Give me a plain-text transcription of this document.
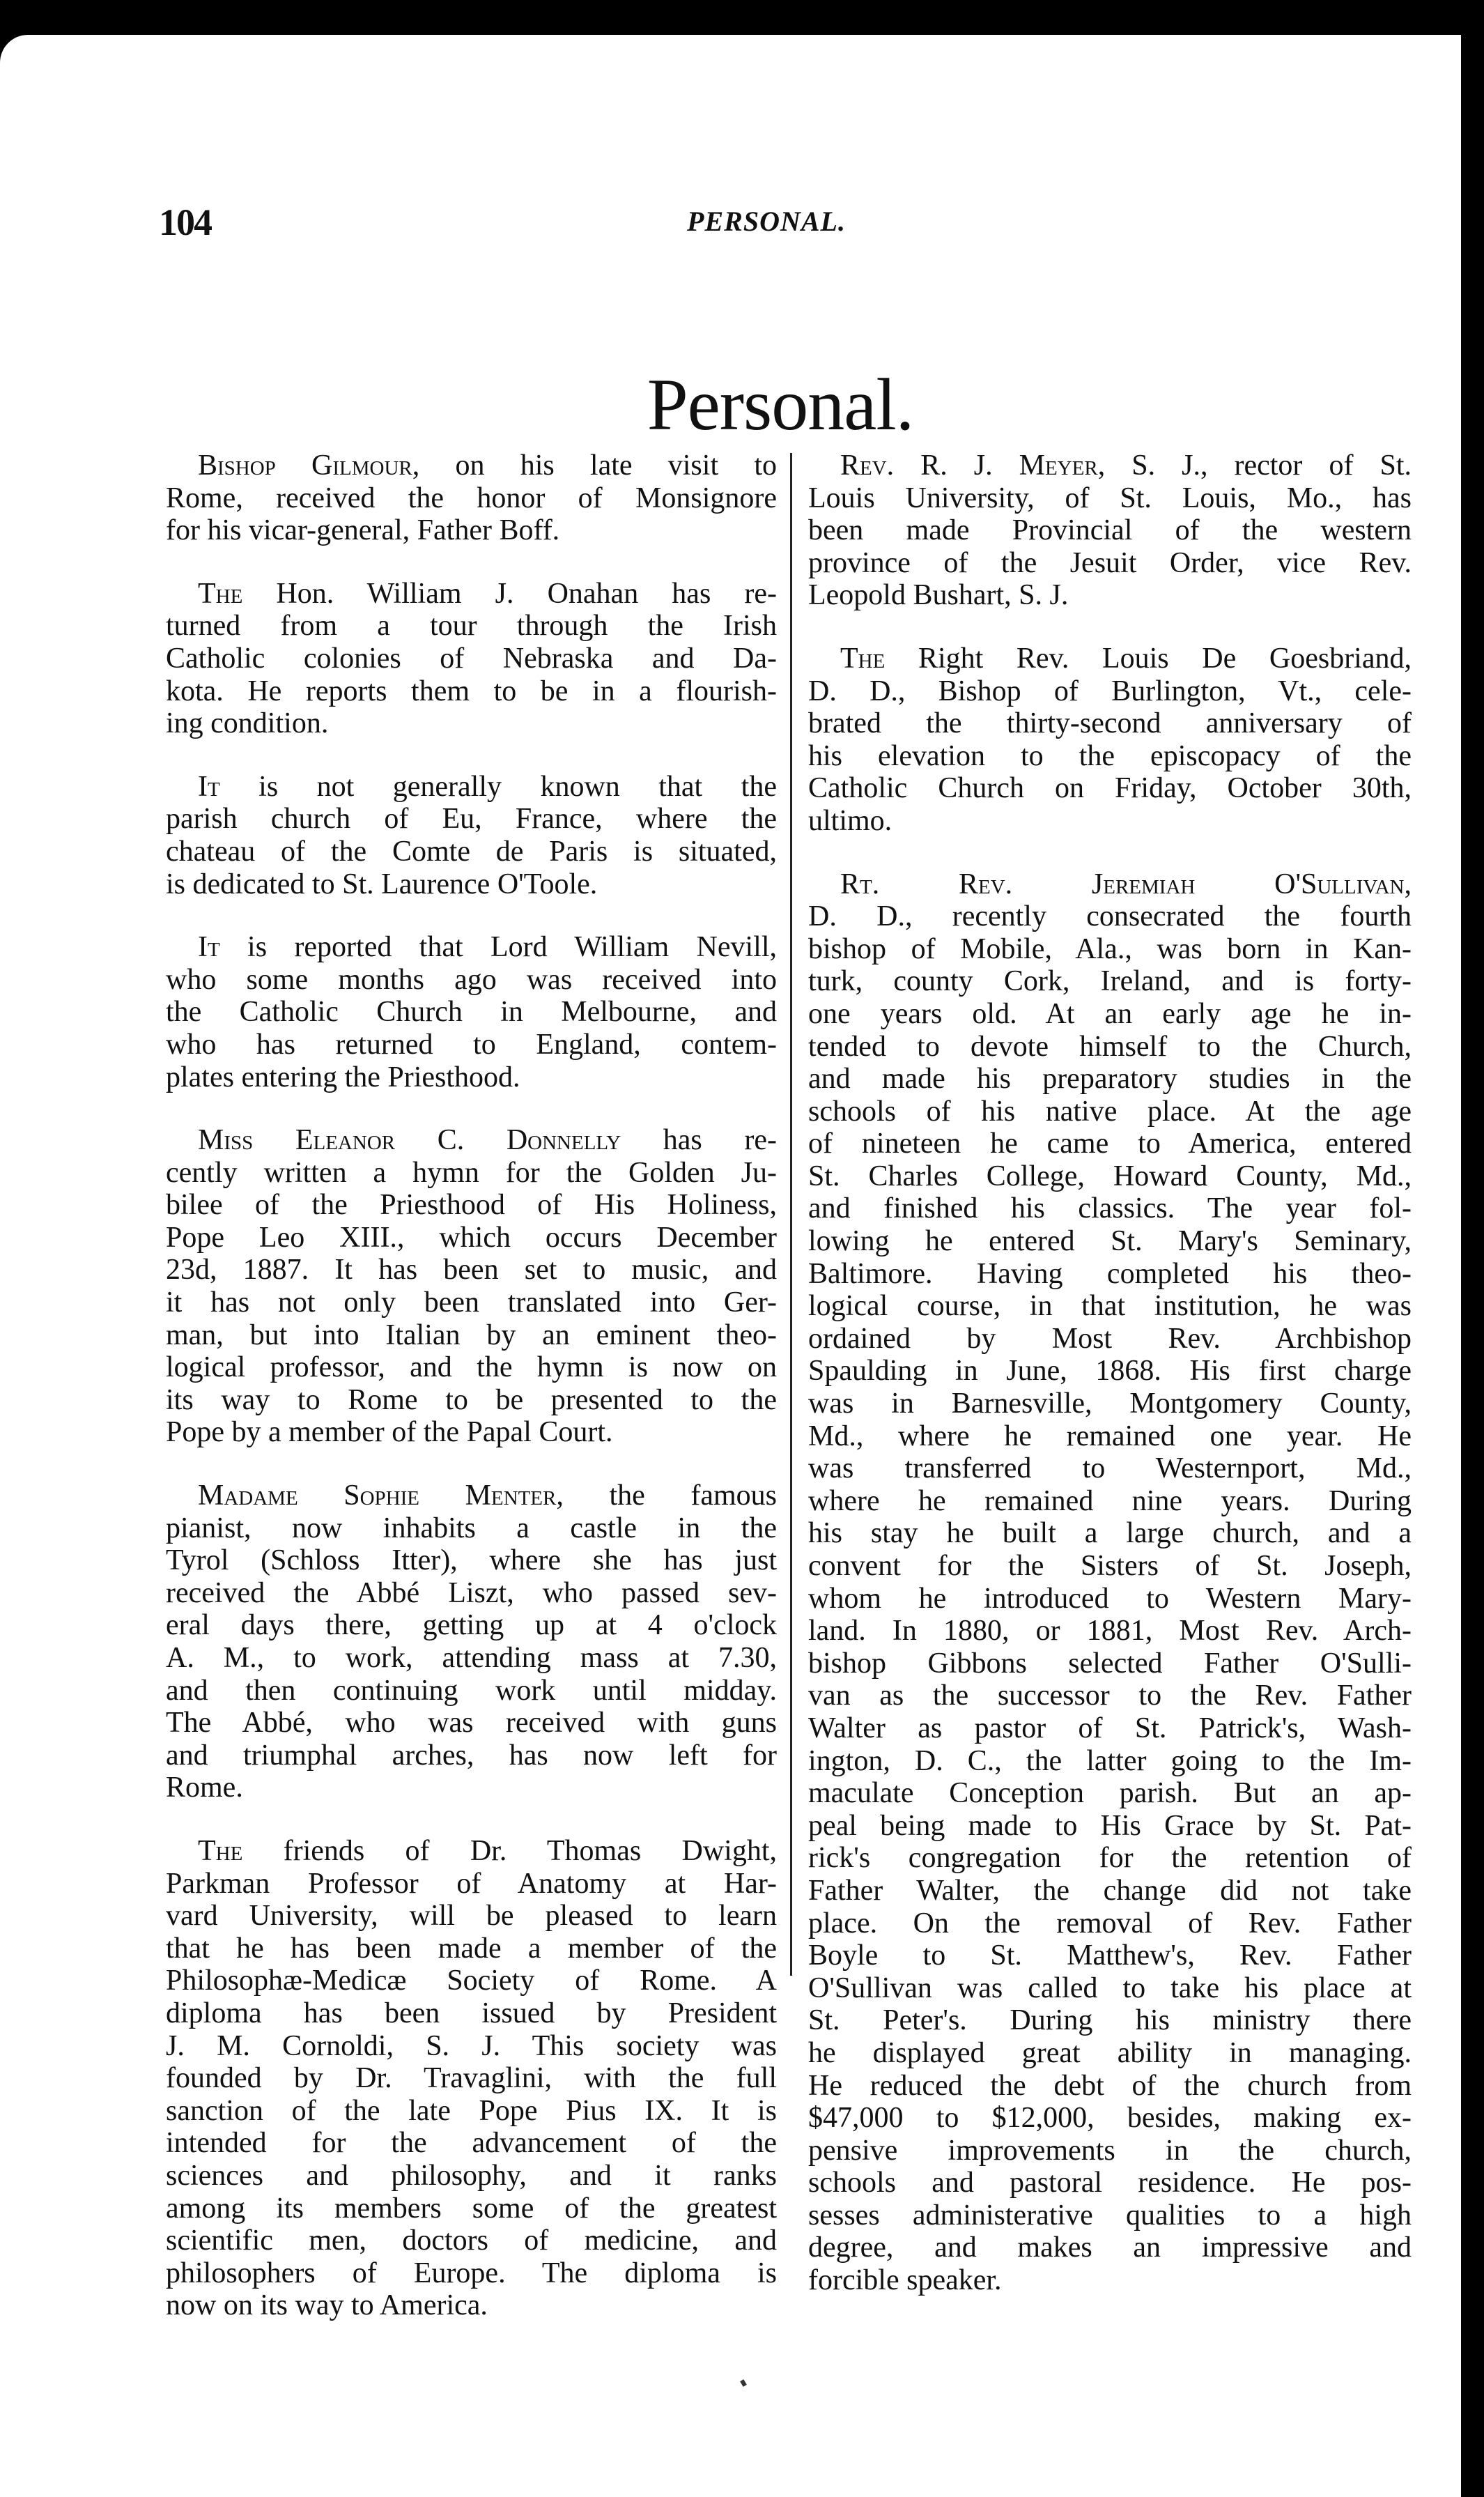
104	PERSONAL.
Personal.
Bishop Gilmour, on his late visit to
Rome, received the honor of Monsignore
for his vicar-general, Father Boff.
The Hon. William J. Onahan has re-
turned from a tour through the Irish
Catholic colonies of Nebraska and Da-
kota. He reports them to be in a flourish-
ing condition.
It is not generally known that the
parish church of Eu, France, where the
chateau of the Comte de Paris is situated,
is dedicated to St. Laurence O'Toole.
It is reported that Lord William Nevill,
who some months ago was received into
the Catholic Church in Melbourne, and
who has returned to England, contem-
plates entering the Priesthood.
Miss Eleanor C. Donnelly has re-
cently written a hymn for the Golden Ju-
bilee of the Priesthood of His Holiness,
Pope Leo XIII., which occurs December
23d, 1887. It has been set to music, and
it has not only been translated into Ger-
man, but into Italian by an eminent theo-
logical professor, and the hymn is now on
its way to Rome to be presented to the
Pope by a member of the Papal Court.
Madame Sophie Menter, the famous
pianist, now inhabits a castle in the
Tyrol (Schloss Itter), where she has just
received the Abbé Liszt, who passed sev-
eral days there, getting up at 4 o'clock
A. M., to work, attending mass at 7.30,
and then continuing work until midday.
The Abbé, who was received with guns
and triumphal arches, has now left for
Rome.
The friends of Dr. Thomas Dwight,
Parkman Professor of Anatomy at Har-
vard University, will be pleased to learn
that he has been made a member of the
Philosophæ-Medicæ Society of Rome. A
diploma has been issued by President
J. M. Cornoldi, S. J. This society was
founded by Dr. Travaglini, with the full
sanction of the late Pope Pius IX. It is
intended for the advancement of the
sciences and philosophy, and it ranks
among its members some of the greatest
scientific men, doctors of medicine, and
philosophers of Europe. The diploma is
now on its way to America.
Rev. R. J. Meyer, S. J., rector of St.
Louis University, of St. Louis, Mo., has
been made Provincial of the western
province of the Jesuit Order, vice Rev.
Leopold Bushart, S. J.
The Right Rev. Louis De Goesbriand,
D. D., Bishop of Burlington, Vt., cele-
brated the thirty-second anniversary of
his elevation to the episcopacy of the
Catholic Church on Friday, October 30th,
ultimo.
Rt. Rev. Jeremiah O'Sullivan,
D. D., recently consecrated the fourth
bishop of Mobile, Ala., was born in Kan-
turk, county Cork, Ireland, and is forty-
one years old. At an early age he in-
tended to devote himself to the Church,
and made his preparatory studies in the
schools of his native place. At the age
of nineteen he came to America, entered
St. Charles College, Howard County, Md.,
and finished his classics. The year fol-
lowing he entered St. Mary's Seminary,
Baltimore. Having completed his theo-
logical course, in that institution, he was
ordained by Most Rev. Archbishop
Spaulding in June, 1868. His first charge
was in Barnesville, Montgomery County,
Md., where he remained one year. He
was transferred to Westernport, Md.,
where he remained nine years. During
his stay he built a large church, and a
convent for the Sisters of St. Joseph,
whom he introduced to Western Mary-
land. In 1880, or 1881, Most Rev. Arch-
bishop Gibbons selected Father O'Sulli-
van as the successor to the Rev. Father
Walter as pastor of St. Patrick's, Wash-
ington, D. C., the latter going to the Im-
maculate Conception parish. But an ap-
peal being made to His Grace by St. Pat-
rick's congregation for the retention of
Father Walter, the change did not take
place. On the removal of Rev. Father
Boyle to St. Matthew's, Rev. Father
O'Sullivan was called to take his place at
St. Peter's. During his ministry there
he displayed great ability in managing.
He reduced the debt of the church from
$47,000 to $12,000, besides, making ex-
pensive improvements in the church,
schools and pastoral residence. He pos-
sesses administerative qualities to a high
degree, and makes an impressive and
forcible speaker.
